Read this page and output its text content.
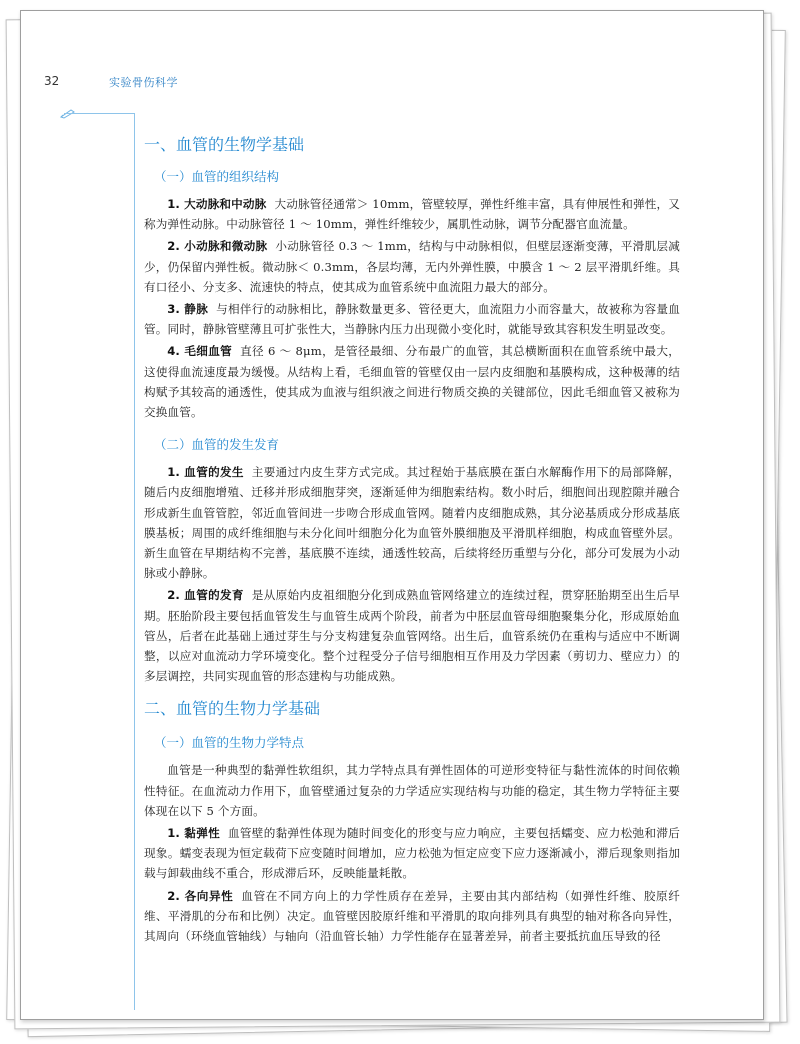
32	实验骨伤科学
一、血管的生物学基础
（一）血管的组织结构

1. 大动脉和中动脉 大动脉管径通常＞ 10mm，管壁较厚，弹性纤维丰富，具有伸展性和弹性，又称为弹性动脉。中动脉管径 1 ～ 10mm，弹性纤维较少，属肌性动脉，调节分配器官血流量。

2. 小动脉和微动脉 小动脉管径 0.3 ～ 1mm，结构与中动脉相似，但壁层逐渐变薄，平滑肌层减少，仍保留内弹性板。微动脉＜ 0.3mm，各层均薄，无内外弹性膜，中膜含 1 ～ 2 层平滑肌纤维。具有口径小、分支多、流速快的特点，使其成为血管系统中血流阻力最大的部分。

3. 静脉 与相伴行的动脉相比，静脉数量更多、管径更大，血流阻力小而容量大，故被称为容量血管。同时，静脉管壁薄且可扩张性大，当静脉内压力出现微小变化时，就能导致其容积发生明显改变。

4. 毛细血管 直径 6 ～ 8μm，是管径最细、分布最广的血管，其总横断面积在血管系统中最大，这使得血流速度最为缓慢。从结构上看，毛细血管的管壁仅由一层内皮细胞和基膜构成，这种极薄的结构赋予其较高的通透性，使其成为血液与组织液之间进行物质交换的关键部位，因此毛细血管又被称为交换血管。

（二）血管的发生发育

1. 血管的发生 主要通过内皮生芽方式完成。其过程始于基底膜在蛋白水解酶作用下的局部降解，随后内皮细胞增殖、迁移并形成细胞芽突，逐渐延伸为细胞索结构。数小时后，细胞间出现腔隙并融合形成新生血管管腔，邻近血管间进一步吻合形成血管网。随着内皮细胞成熟，其分泌基质成分形成基底膜基板；周围的成纤维细胞与未分化间叶细胞分化为血管外膜细胞及平滑肌样细胞，构成血管壁外层。新生血管在早期结构不完善，基底膜不连续，通透性较高，后续将经历重塑与分化，部分可发展为小动脉或小静脉。

2. 血管的发育 是从原始内皮祖细胞分化到成熟血管网络建立的连续过程，贯穿胚胎期至出生后早期。胚胎阶段主要包括血管发生与血管生成两个阶段，前者为中胚层血管母细胞聚集分化，形成原始血管丛，后者在此基础上通过芽生与分支构建复杂血管网络。出生后，血管系统仍在重构与适应中不断调整，以应对血流动力学环境变化。整个过程受分子信号细胞相互作用及力学因素（剪切力、壁应力）的多层调控，共同实现血管的形态建构与功能成熟。

二、血管的生物力学基础
（一）血管的生物力学特点

血管是一种典型的黏弹性软组织，其力学特点具有弹性固体的可逆形变特征与黏性流体的时间依赖性特征。在血流动力作用下，血管壁通过复杂的力学适应实现结构与功能的稳定，其生物力学特征主要体现在以下 5 个方面。

1. 黏弹性 血管壁的黏弹性体现为随时间变化的形变与应力响应，主要包括蠕变、应力松弛和滞后现象。蠕变表现为恒定载荷下应变随时间增加，应力松弛为恒定应变下应力逐渐减小，滞后现象则指加载与卸载曲线不重合，形成滞后环，反映能量耗散。

2. 各向异性 血管在不同方向上的力学性质存在差异，主要由其内部结构（如弹性纤维、胶原纤维、平滑肌的分布和比例）决定。血管壁因胶原纤维和平滑肌的取向排列具有典型的轴对称各向异性，其周向（环绕血管轴线）与轴向（沿血管长轴）力学性能存在显著差异，前者主要抵抗血压导致的径
